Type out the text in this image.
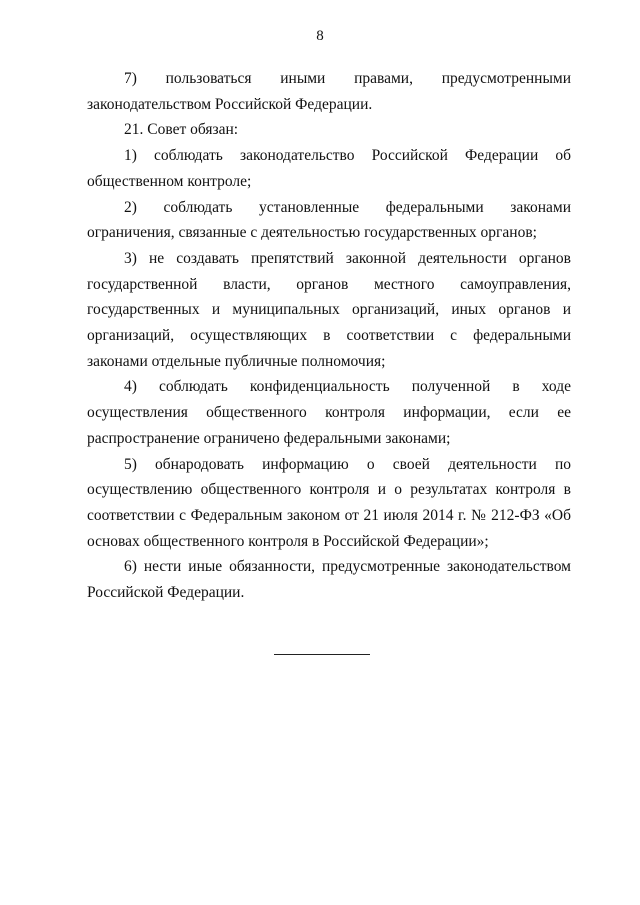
8

7) пользоваться иными правами, предусмотренными законодательством Российской Федерации.

21. Совет обязан:

1) соблюдать законодательство Российской Федерации об общественном контроле;

2) соблюдать установленные федеральными законами ограничения, связанные с деятельностью государственных органов;

3) не создавать препятствий законной деятельности органов государственной власти, органов местного самоуправления, государственных и муниципальных организаций, иных органов и организаций, осуществляющих в соответствии с федеральными законами отдельные публичные полномочия;

4) соблюдать конфиденциальность полученной в ходе осуществления общественного контроля информации, если ее распространение ограничено федеральными законами;

5) обнародовать информацию о своей деятельности по осуществлению общественного контроля и о результатах контроля в соответствии с Федеральным законом от 21 июля 2014 г. № 212-ФЗ «Об основах общественного контроля в Российской Федерации»;

6) нести иные обязанности, предусмотренные законодательством Российской Федерации.
